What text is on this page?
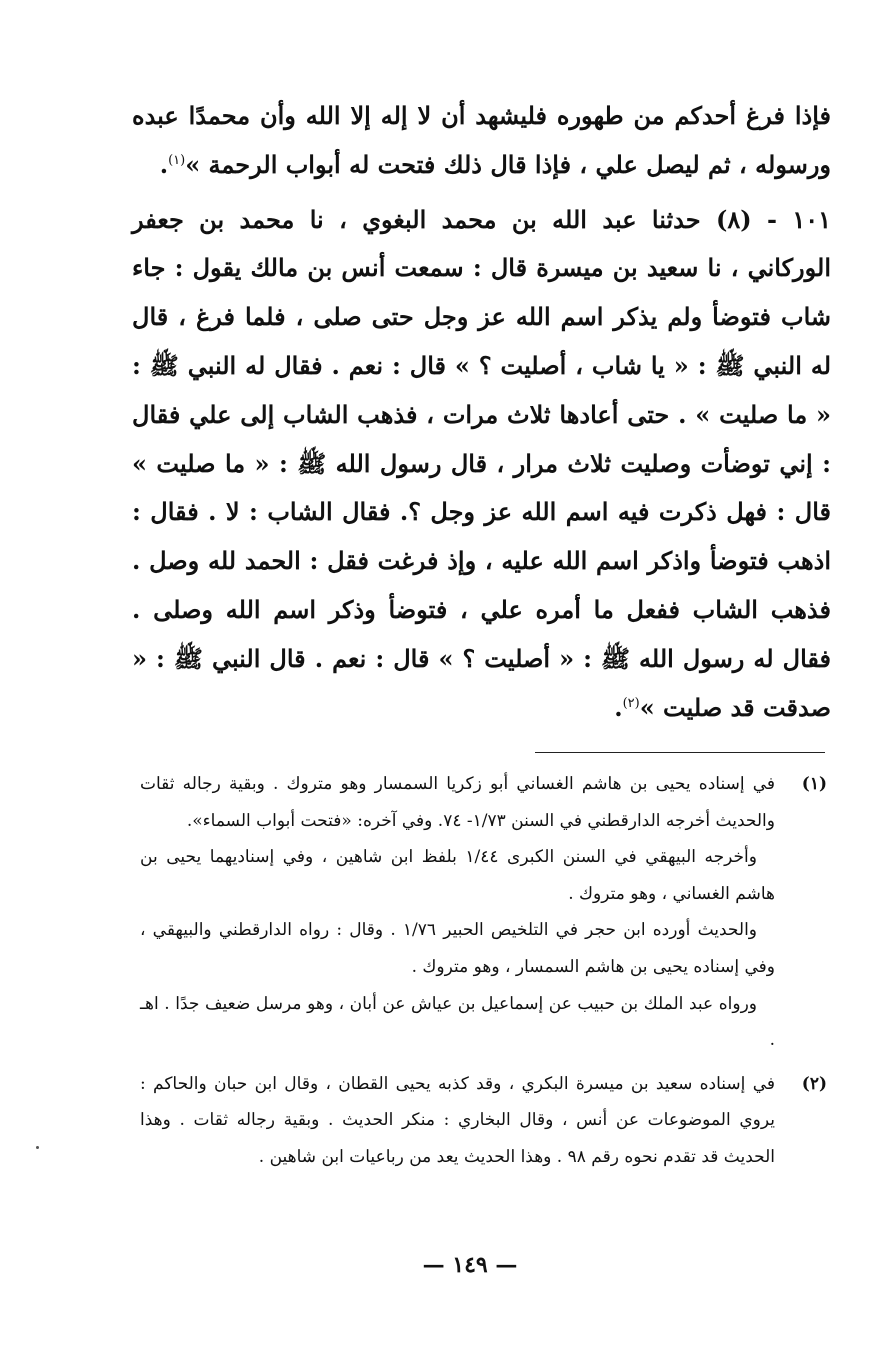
فإذا فرغ أحدكم من طهوره فليشهد أن لا إله إلا الله وأن محمدًا عبده ورسوله ، ثم ليصل علي ، فإذا قال ذلك فتحت له أبواب الرحمة »$^{(١)}$.

١٠١ - (٨) حدثنا عبد الله بن محمد البغوي ، نا محمد بن جعفر الوركاني ، نا سعيد بن ميسرة قال : سمعت أنس بن مالك يقول : جاء شاب فتوضأ ولم يذكر اسم الله عز وجل حتى صلى ، فلما فرغ ، قال له النبي ﷺ : « يا شاب ، أصليت ؟ » قال : نعم . فقال له النبي ﷺ : « ما صليت » . حتى أعادها ثلاث مرات ، فذهب الشاب إلى علي فقال : إني توضأت وصليت ثلاث مرار ، قال رسول الله ﷺ : « ما صليت » قال : فهل ذكرت فيه اسم الله عز وجل ؟. فقال الشاب : لا . فقال : اذهب فتوضأ واذكر اسم الله عليه ، وإذ فرغت فقل : الحمد لله وصل . فذهب الشاب ففعل ما أمره علي ، فتوضأ وذكر اسم الله وصلى . فقال له رسول الله ﷺ : « أصليت ؟ » قال : نعم . قال النبي ﷺ : « صدقت قد صليت »$^{(٢)}$.

(١)

في إسناده يحيى بن هاشم الغساني أبو زكريا السمسار وهو متروك . وبقية رجاله ثقات والحديث أخرجه الدارقطني في السنن ١/٧٣- ٧٤. وفي آخره: «فتحت أبواب السماء».

وأخرجه البيهقي في السنن الكبرى ١/٤٤ بلفظ ابن شاهين ، وفي إسناديهما يحيى بن هاشم الغساني ، وهو متروك .

والحديث أورده ابن حجر في التلخيص الحبير ١/٧٦ . وقال : رواه الدارقطني والبيهقي ، وفي إسناده يحيى بن هاشم السمسار ، وهو متروك .

ورواه عبد الملك بن حبيب عن إسماعيل بن عياش عن أبان ، وهو مرسل ضعيف جدًا . اهـ .

(٢)

في إسناده سعيد بن ميسرة البكري ، وقد كذبه يحيى القطان ، وقال ابن حبان والحاكم : يروي الموضوعات عن أنس ، وقال البخاري : منكر الحديث . وبقية رجاله ثقات . وهذا الحديث قد تقدم نحوه رقم ٩٨ . وهذا الحديث يعد من رباعيات ابن شاهين .

— ١٤٩ —
